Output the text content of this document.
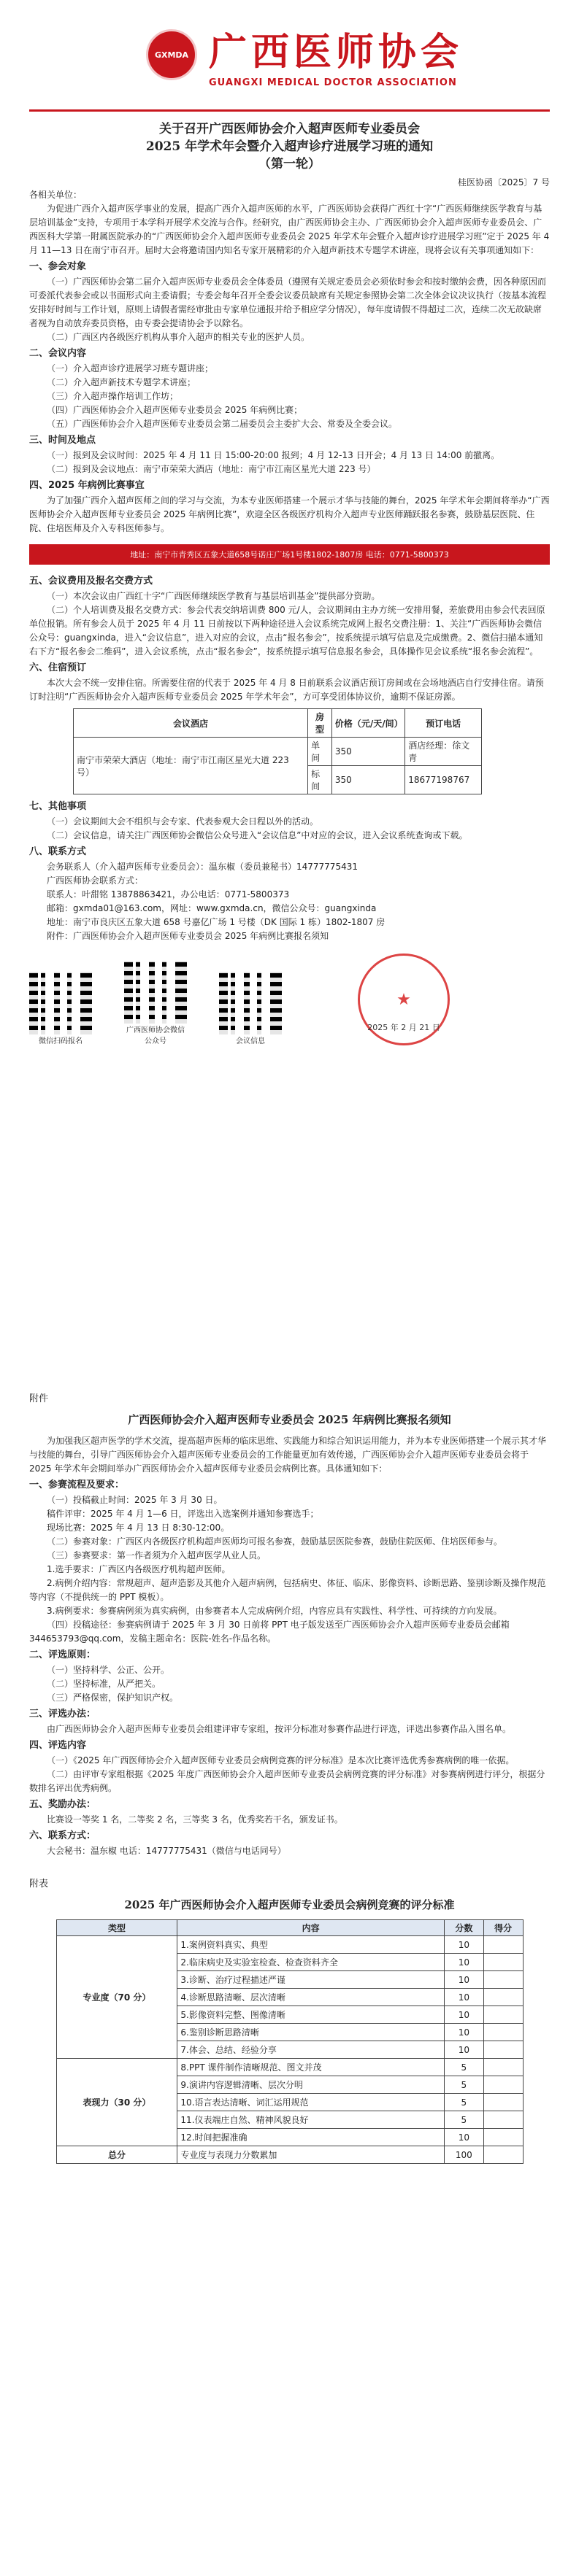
GXMDA 广西医师协会
GUANGXI MEDICAL DOCTOR ASSOCIATION
关于召开广西医师协会介入超声医师专业委员会
2025 年学术年会暨介入超声诊疗进展学习班的通知
（第一轮）
桂医协函〔2025〕7 号

各相关单位：

为促进广西介入超声医学事业的发展，提高广西介入超声医师的水平，广西医师协会获得广西红十字“广西医师继续医学教育与基层培训基金”支持，专项用于本学科开展学术交流与合作。经研究，由广西医师协会主办、广西医师协会介入超声医师专业委员会、广西医科大学第一附属医院承办的“广西医师协会介入超声医师专业委员会 2025 年学术年会暨介入超声诊疗进展学习班”定于 2025 年 4 月 11—13 日在南宁市召开。届时大会将邀请国内知名专家开展精彩的介入超声新技术专题学术讲座，现将会议有关事项通知如下：

一、参会对象

（一）广西医师协会第二届介入超声医师专业委员会全体委员（遵照有关规定委员会必须依时参会和按时缴纳会费，因各种原因而可委派代表参会或以书面形式向主委请假；专委会每年召开全委会议委员缺席有关规定参照协会第二次全体会议决议执行（按基本流程安排好时间与工作计划，原则上请假者需经审批由专家单位通报并给予相应学分情况），每年度请假不得超过二次，连续二次无故缺席者视为自动放弃委员资格，由专委会提请协会予以除名。

（二）广西区内各级医疗机构从事介入超声的相关专业的医护人员。

二、会议内容

（一）介入超声诊疗进展学习班专题讲座；

（二）介入超声新技术专题学术讲座；

（三）介入超声操作培训工作坊；

（四）广西医师协会介入超声医师专业委员会 2025 年病例比赛；

（五）广西医师协会介入超声医师专业委员会第二届委员会主委扩大会、常委及全委会议。

三、时间及地点

（一）报到及会议时间：2025 年 4 月 11 日 15:00-20:00 报到；4 月 12-13 日开会；4 月 13 日 14:00 前撤离。

（二）报到及会议地点：南宁市荣荣大酒店（地址：南宁市江南区星光大道 223 号）

四、2025 年病例比赛事宜

为了加强广西介入超声医师之间的学习与交流，为本专业医师搭建一个展示才华与技能的舞台，2025 年学术年会期间将举办“广西医师协会介入超声医师专业委员会 2025 年病例比赛”，欢迎全区各级医疗机构介入超声专业医师踊跃报名参赛，鼓励基层医院、住院、住培医师及介入专科医师参与。

地址：南宁市青秀区五象大道658号诺庄广场1号楼1802-1807房 电话：0771-5800373
五、会议费用及报名交费方式

（一）本次会议由广西红十字“广西医师继续医学教育与基层培训基金”提供部分资助。

（二）个人培训费及报名交费方式：参会代表交纳培训费 800 元/人，会议期间由主办方统一安排用餐，差旅费用由参会代表回原单位报销。所有参会人员于 2025 年 4 月 11 日前按以下两种途径进入会议系统完成网上报名交费注册：1、关注“广西医师协会微信公众号：guangxinda，进入“会议信息”，进入对应的会议，点击“报名参会”，按系统提示填写信息及完成缴费。2、微信扫描本通知右下方“报名参会二维码”，进入会议系统，点击“报名参会”，按系统提示填写信息报名参会，具体操作见会议系统“报名参会流程”。

六、住宿预订

本次大会不统一安排住宿。所需要住宿的代表于 2025 年 4 月 8 日前联系会议酒店预订房间或在会场地酒店自行安排住宿。请预订时注明“广西医师协会介入超声医师专业委员会 2025 年学术年会”，方可享受团体协议价，逾期不保证房源。

会议酒店	房型	价格（元/天/间）	预订电话
南宁市荣荣大酒店（地址：南宁市江南区星光大道 223 号）	单间	350	酒店经理：徐文青
	标间	350	18677198767
七、其他事项

（一）会议期间大会不组织与会专家、代表参观大会日程以外的活动。

（二）会议信息，请关注广西医师协会微信公众号进入“会议信息”中对应的会议，进入会议系统查询或下载。

八、联系方式

会务联系人（介入超声医师专业委员会）：温东椒（委员兼秘书）14777775431

广西医师协会联系方式：

联系人：叶甜铭 13878863421，办公电话：0771-5800373

邮箱：gxmda01@163.com，网址：www.gxmda.cn，微信公众号：guangxinda

地址：南宁市良庆区五象大道 658 号嘉亿广场 1 号楼（DK 国际 1 栋）1802-1807 房

附件：广西医师协会介入超声医师专业委员会 2025 年病例比赛报名须知

微信扫码报名
广西医师协会微信公众号	会议信息
★
2025 年 2 月 21 日
附件
广西医师协会介入超声医师专业委员会 2025 年病例比赛报名须知

为加强我区超声医学的学术交流，提高超声医师的临床思维、实践能力和综合知识运用能力，并为本专业医师搭建一个展示其才华与技能的舞台，引导广西医师协会介入超声医师专业委员会的工作能量更加有效传递，广西医师协会介入超声医师专业委员会将于 2025 年学术年会期间举办广西医师协会介入超声医师专业委员会病例比赛。具体通知如下：

一、参赛流程及要求：

（一）投稿截止时间：2025 年 3 月 30 日。

稿件评审：2025 年 4 月 1—6 日，评选出入选案例并通知参赛选手；

现场比赛：2025 年 4 月 13 日 8:30-12:00。

（二）参赛对象：广西区内各级医疗机构超声医师均可报名参赛，鼓励基层医院参赛，鼓励住院医师、住培医师参与。

（三）参赛要求：第一作者须为介入超声医学从业人员。

1.选手要求：广西区内各级医疗机构超声医师。

2.病例介绍内容：常规超声、超声造影及其他介入超声病例，包括病史、体征、临床、影像资料、诊断思路、鉴别诊断及操作规范等内容（不提供统一的 PPT 模板）。

3.病例要求：参赛病例须为真实病例，由参赛者本人完成病例介绍，内容应具有实践性、科学性、可持续的方向发展。

（四）投稿途径：参赛病例请于 2025 年 3 月 30 日前将 PPT 电子版发送至广西医师协会介入超声医师专业委员会邮箱 344653793@qq.com，发稿主题命名：医院-姓名-作品名称。

二、评选原则：

（一）坚持科学、公正、公开。

（二）坚持标准，从严把关。

（三）严格保密，保护知识产权。

三、评选办法：

由广西医师协会介入超声医师专业委员会组建评审专家组，按评分标准对参赛作品进行评选，评选出参赛作品入围名单。

四、评选内容

（一）《2025 年广西医师协会介入超声医师专业委员会病例竞赛的评分标准》是本次比赛评选优秀参赛病例的唯一依据。

（二）由评审专家组根据《2025 年度广西医师协会介入超声医师专业委员会病例竞赛的评分标准》对参赛病例进行评分，根据分数排名评出优秀病例。

五、奖励办法：

比赛设一等奖 1 名，二等奖 2 名，三等奖 3 名，优秀奖若干名，颁发证书。

六、联系方式：

大会秘书：温东椒 电话：14777775431（微信与电话同号）

附表
2025 年广西医师协会介入超声医师专业委员会病例竞赛的评分标准
类型	内容	分数	得分
专业度（70 分）	1.案例资料真实、典型	10	
	2.临床病史及实验室检查、检查资料齐全	10	
	3.诊断、治疗过程描述严谨	10	
	4.诊断思路清晰、层次清晰	10	
	5.影像资料完整、图像清晰	10	
	6.鉴别诊断思路清晰	10	
	7.体会、总结、经验分享	10	
表现力（30 分）	8.PPT 课件制作清晰规范、图文并茂	5	
	9.演讲内容逻辑清晰、层次分明	5	
	10.语言表达清晰、词汇运用规范	5	
	11.仪表端庄自然、精神风貌良好	5	
	12.时间把握准确	10	
总分	专业度与表现力分数累加	100	
